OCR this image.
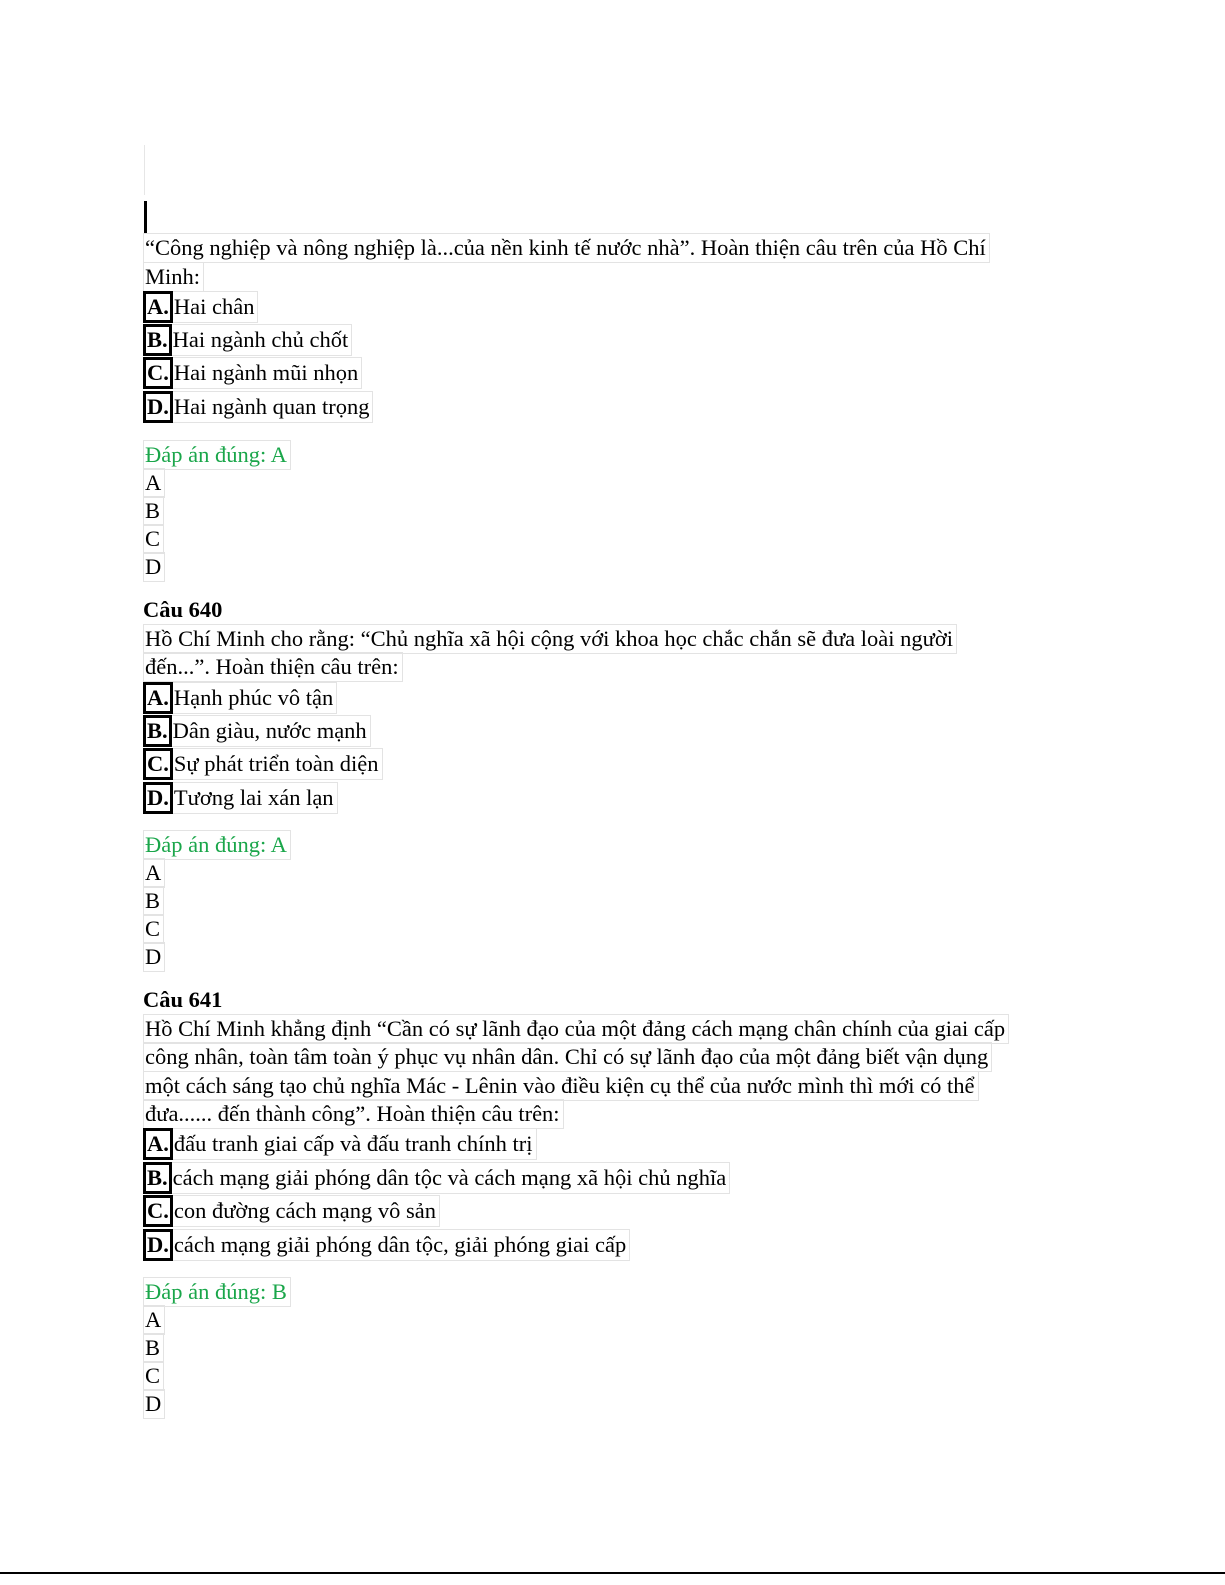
“Công nghiệp và nông nghiệp là...của nền kinh tế nước nhà”. Hoàn thiện câu trên của Hồ Chí
Minh:
A. Hai chân
B. Hai ngành chủ chốt
C. Hai ngành mũi nhọn
D. Hai ngành quan trọng
Đáp án đúng: A
A
B
C
D
Câu 640
Hồ Chí Minh cho rằng: “Chủ nghĩa xã hội cộng với khoa học chắc chắn sẽ đưa loài người
đến...”. Hoàn thiện câu trên:
A. Hạnh phúc vô tận
B. Dân giàu, nước mạnh
C. Sự phát triển toàn diện
D. Tương lai xán lạn
Đáp án đúng: A
A
B
C
D
Câu 641
Hồ Chí Minh khẳng định “Cần có sự lãnh đạo của một đảng cách mạng chân chính của giai cấp
công nhân, toàn tâm toàn ý phục vụ nhân dân. Chỉ có sự lãnh đạo của một đảng biết vận dụng
một cách sáng tạo chủ nghĩa Mác - Lênin vào điều kiện cụ thể của nước mình thì mới có thể
đưa...... đến thành công”. Hoàn thiện câu trên:
A. đấu tranh giai cấp và đấu tranh chính trị
B. cách mạng giải phóng dân tộc và cách mạng xã hội chủ nghĩa
C. con đường cách mạng vô sản
D. cách mạng giải phóng dân tộc, giải phóng giai cấp
Đáp án đúng: B
A
B
C
D
